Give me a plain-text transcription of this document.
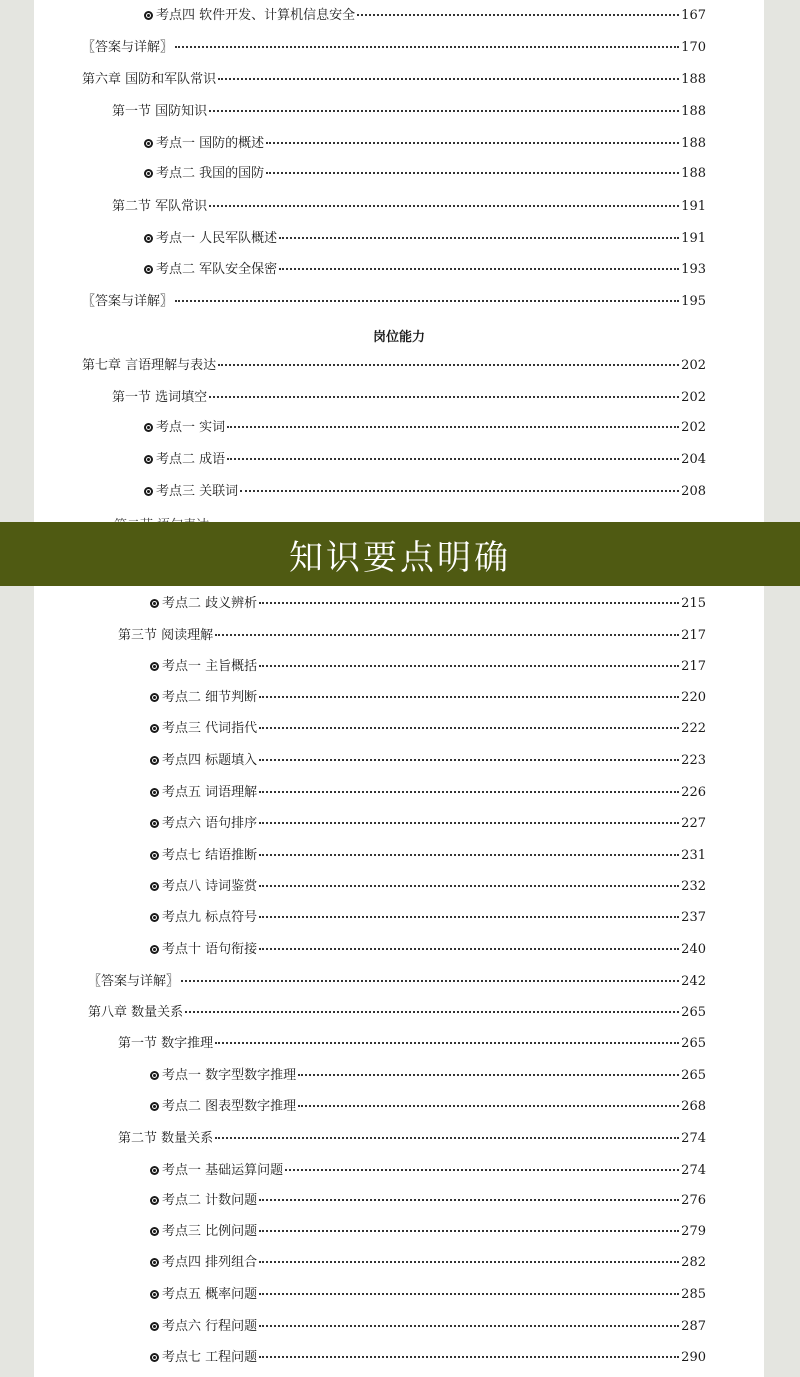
岗位能力
考点四 软件开发、计算机信息安全	167
〖答案与详解〗	170
第六章 国防和军队常识	188
第一节 国防知识	188
考点一 国防的概述	188
考点二 我国的国防	188
第二节 军队常识	191
考点一 人民军队概述	191
考点二 军队安全保密	193
〖答案与详解〗	195
第七章 言语理解与表达	202
第一节 选词填空	202
考点一 实词	202
考点二 成语	204
考点三 关联词	208
知识要点明确
考点二 歧义辨析	215
第三节 阅读理解	217
考点一 主旨概括	217
考点二 细节判断	220
考点三 代词指代	222
考点四 标题填入	223
考点五 词语理解	226
考点六 语句排序	227
考点七 结语推断	231
考点八 诗词鉴赏	232
考点九 标点符号	237
考点十 语句衔接	240
〖答案与详解〗	242
第八章 数量关系	265
第一节 数字推理	265
考点一 数字型数字推理	265
考点二 图表型数字推理	268
第二节 数量关系	274
考点一 基础运算问题	274
考点二 计数问题	276
考点三 比例问题	279
考点四 排列组合	282
考点五 概率问题	285
考点六 行程问题	287
考点七 工程问题	290
